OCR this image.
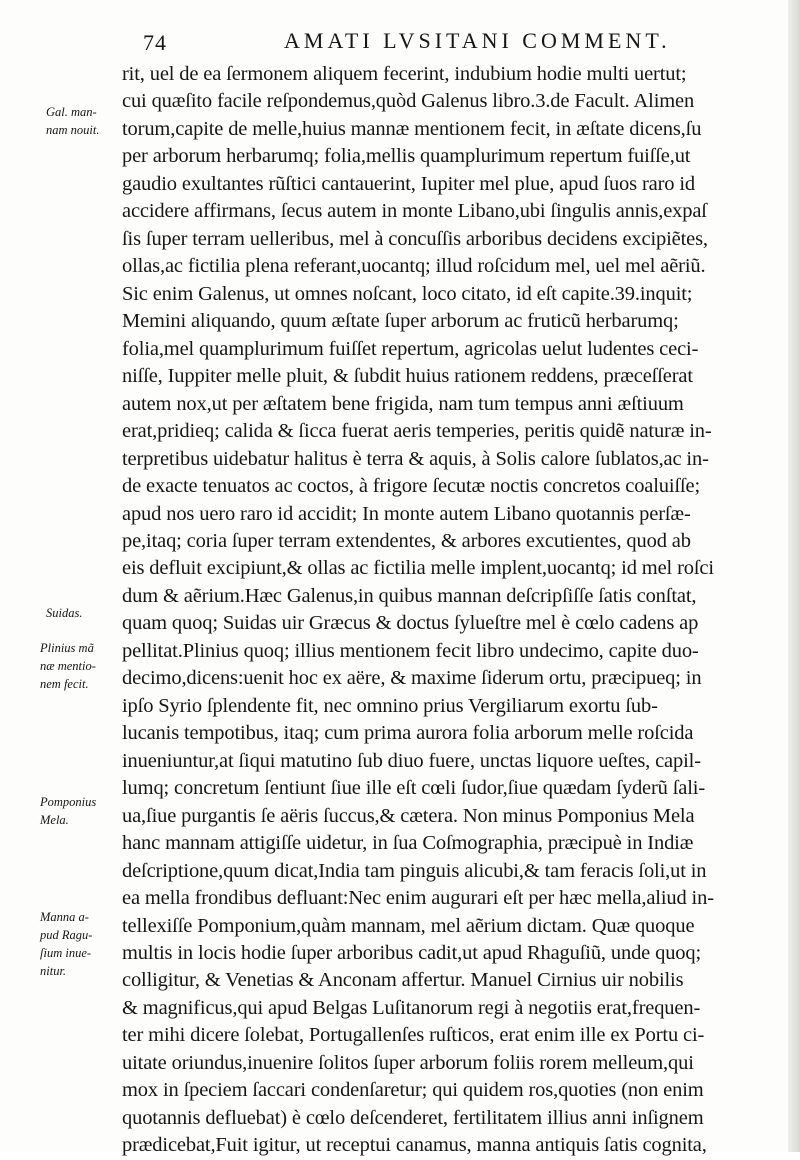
74	AMATI LVSITANI COMMENT.
Gal. man-
nam nouit.
Suidas.
Plinius mã
næ mentio-
nem fecit.
Pomponius
Mela.
Manna a-
pud Ragu-
ſium inue-
nitur.
rit, uel de ea ſermonem aliquem fecerint, indubium hodie multi uertut;
cui quæſito facile reſpondemus,quòd Galenus libro.3.de Facult. Alimen
torum,capite de melle,huius mannæ mentionem fecit, in æſtate dicens,ſu
per arborum herbarumq; folia,mellis quamplurimum repertum fuiſſe,ut
gaudio exultantes rũſtici cantauerint, Iupiter mel plue, apud ſuos raro id
accidere affirmans, ſecus autem in monte Libano,ubi ſingulis annis,expaſ
ſis ſuper terram uelleribus, mel à concuſſis arboribus decidens excipiẽtes,
ollas,ac fictilia plena referant,uocantq; illud roſcidum mel, uel mel aẽriũ.
Sic enim Galenus, ut omnes noſcant, loco citato, id eſt capite.39.inquit;
Memini aliquando, quum æſtate ſuper arborum ac fruticũ herbarumq;
folia,mel quamplurimum fuiſſet repertum, agricolas uelut ludentes ceci-
niſſe, Iuppiter melle pluit, & ſubdit huius rationem reddens, præceſſerat
autem nox,ut per æſtatem bene frigida, nam tum tempus anni æſtiuum
erat,pridieq; calida & ſicca fuerat aeris temperies, peritis quidẽ naturæ in-
terpretibus uidebatur halitus è terra & aquis, à Solis calore ſublatos,ac in-
de exacte tenuatos ac coctos, à frigore ſecutæ noctis concretos coaluiſſe;
apud nos uero raro id accidit; In monte autem Libano quotannis perſæ-
pe,itaq; coria ſuper terram extendentes, & arbores excutientes, quod ab
eis defluit excipiunt,& ollas ac fictilia melle implent,uocantq; id mel roſci
dum & aẽrium.Hæc Galenus,in quibus mannan deſcripſiſſe ſatis conſtat,
quam quoq; Suidas uir Græcus & doctus ſylueſtre mel è cœlo cadens ap
pellitat.Plinius quoq; illius mentionem fecit libro undecimo, capite duo-
decimo,dicens:uenit hoc ex aëre, & maxime ſiderum ortu, præcipueq; in
ipſo Syrio ſplendente fit, nec omnino prius Vergiliarum exortu ſub-
lucanis tempotibus, itaq; cum prima aurora folia arborum melle roſcida
inueniuntur,at ſiqui matutino ſub diuo fuere, unctas liquore ueſtes, capil-
lumq; concretum ſentiunt ſiue ille eſt cœli ſudor,ſiue quædam ſyderũ ſali-
ua,ſiue purgantis ſe aëris ſuccus,& cætera. Non minus Pomponius Mela
hanc mannam attigiſſe uidetur, in ſua Coſmographia, præcipuè in Indiæ
deſcriptione,quum dicat,India tam pinguis alicubi,& tam feracis ſoli,ut in
ea mella frondibus defluant:Nec enim augurari eſt per hæc mella,aliud in-
tellexiſſe Pomponium,quàm mannam, mel aẽrium dictam. Quæ quoque
multis in locis hodie ſuper arboribus cadit,ut apud Rhaguſiũ, unde quoq;
colligitur, & Venetias & Anconam affertur. Manuel Cirnius uir nobilis
& magnificus,qui apud Belgas Luſitanorum regi à negotiis erat,frequen-
ter mihi dicere ſolebat, Portugallenſes ruſticos, erat enim ille ex Portu ci-
uitate oriundus,inuenire ſolitos ſuper arborum foliis rorem melleum,qui
mox in ſpeciem ſaccari condenſaretur; qui quidem ros,quoties (non enim
quotannis defluebat) è cœlo deſcenderet, fertilitatem illius anni inſignem
prædicebat,Fuit igitur, ut receptui canamus, manna antiquis ſatis cognita,
